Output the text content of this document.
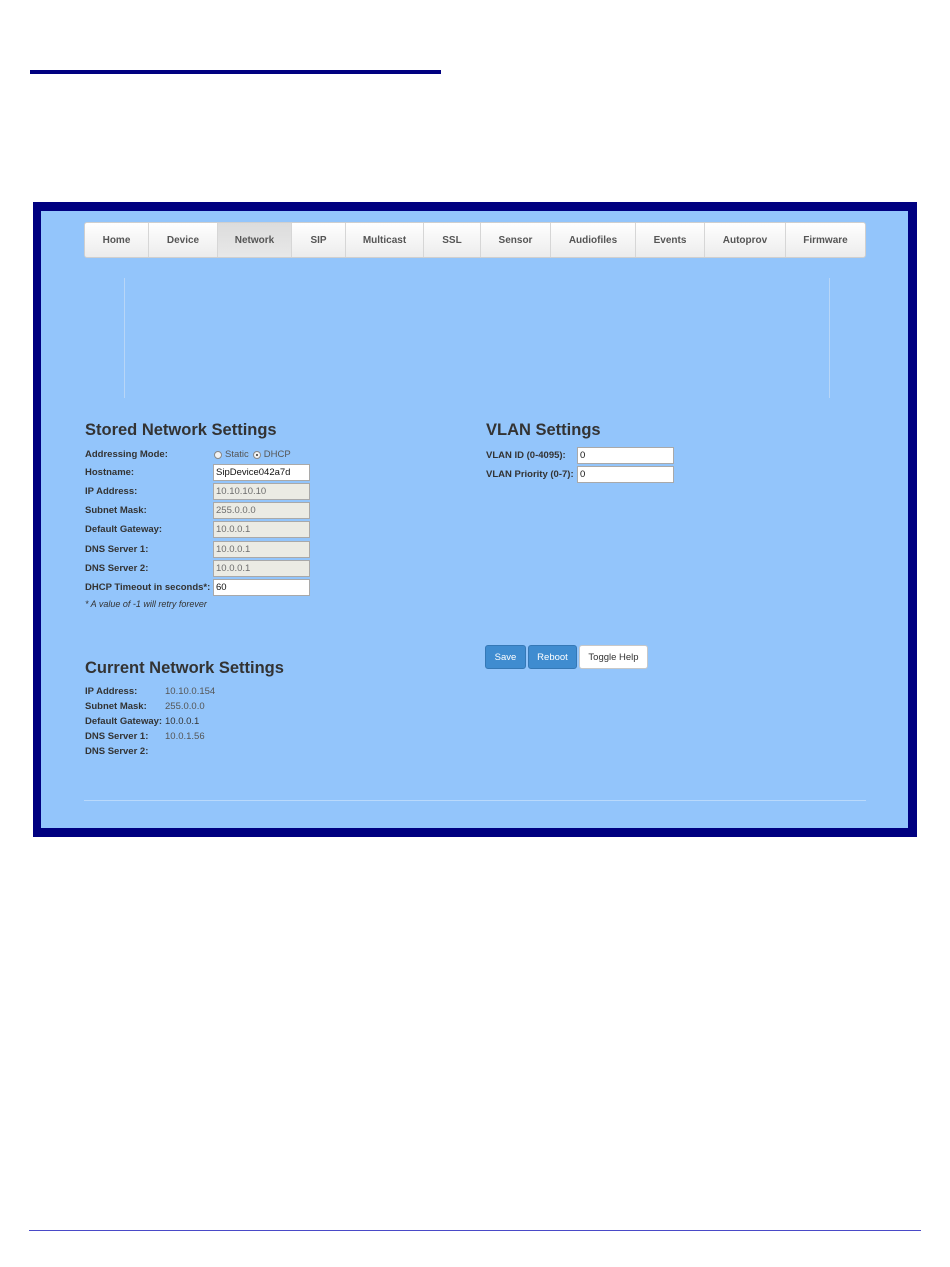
Home	Device	Network	SIP	Multicast	SSL	Sensor	Audiofiles	Events	Autoprov	Firmware
Stored Network Settings
Addressing Mode:	Static DHCP
Hostname:	SipDevice042a7d
IP Address:	10.10.10.10
Subnet Mask:	255.0.0.0
Default Gateway:	10.0.0.1
DNS Server 1:	10.0.0.1
DNS Server 2:	10.0.0.1
DHCP Timeout in seconds*: 60
* A value of -1 will retry forever
VLAN Settings
VLAN ID (0-4095):	0
VLAN Priority (0-7): 0
Save	Reboot	Toggle Help
Current Network Settings
IP Address:	10.10.0.154
Subnet Mask: 255.0.0.0
Default Gateway: 10.0.0.1
DNS Server 1: 10.0.1.56
DNS Server 2:
